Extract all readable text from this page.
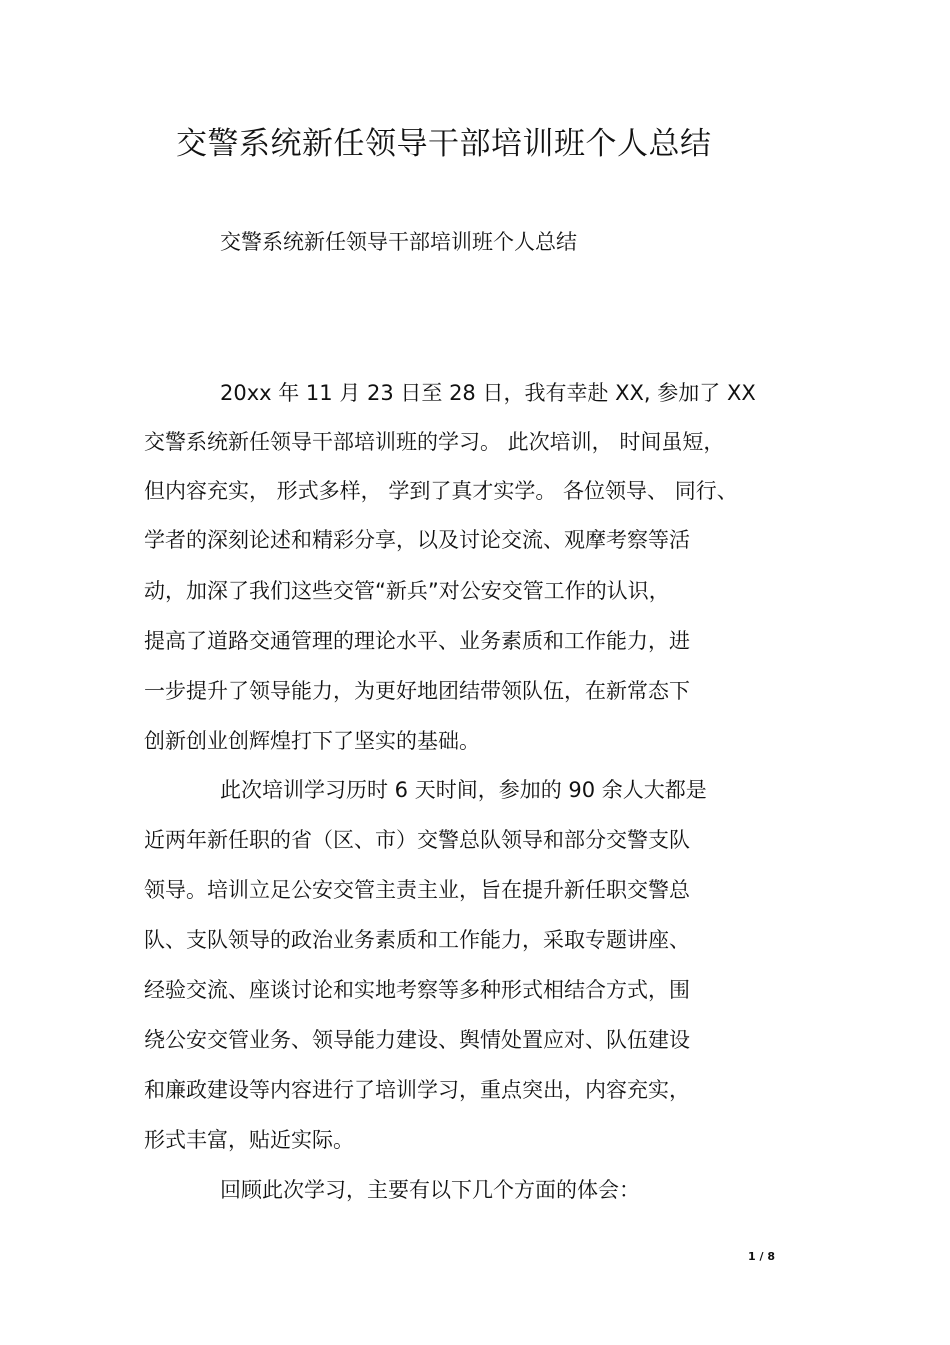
交警系统新任领导干部培训班个人总结
交警系统新任领导干部培训班个人总结
20xx 年 11 月 23 日至 28 日，我有幸赴 XX, 参加了 XX
交警系统新任领导干部培训班的学习。 此次培训， 时间虽短，
但内容充实， 形式多样， 学到了真才实学。 各位领导、 同行、
学者的深刻论述和精彩分享，以及讨论交流、观摩考察等活
动，加深了我们这些交管“新兵”对公安交管工作的认识，
提高了道路交通管理的理论水平、业务素质和工作能力，进
一步提升了领导能力，为更好地团结带领队伍，在新常态下
创新创业创辉煌打下了坚实的基础。
此次培训学习历时 6 天时间，参加的 90 余人大都是
近两年新任职的省（区、市）交警总队领导和部分交警支队
领导。培训立足公安交管主责主业，旨在提升新任职交警总
队、支队领导的政治业务素质和工作能力，采取专题讲座、
经验交流、座谈讨论和实地考察等多种形式相结合方式，围
绕公安交管业务、领导能力建设、舆情处置应对、队伍建设
和廉政建设等内容进行了培训学习，重点突出，内容充实，
形式丰富，贴近实际。
回顾此次学习，主要有以下几个方面的体会：
1 / 8
